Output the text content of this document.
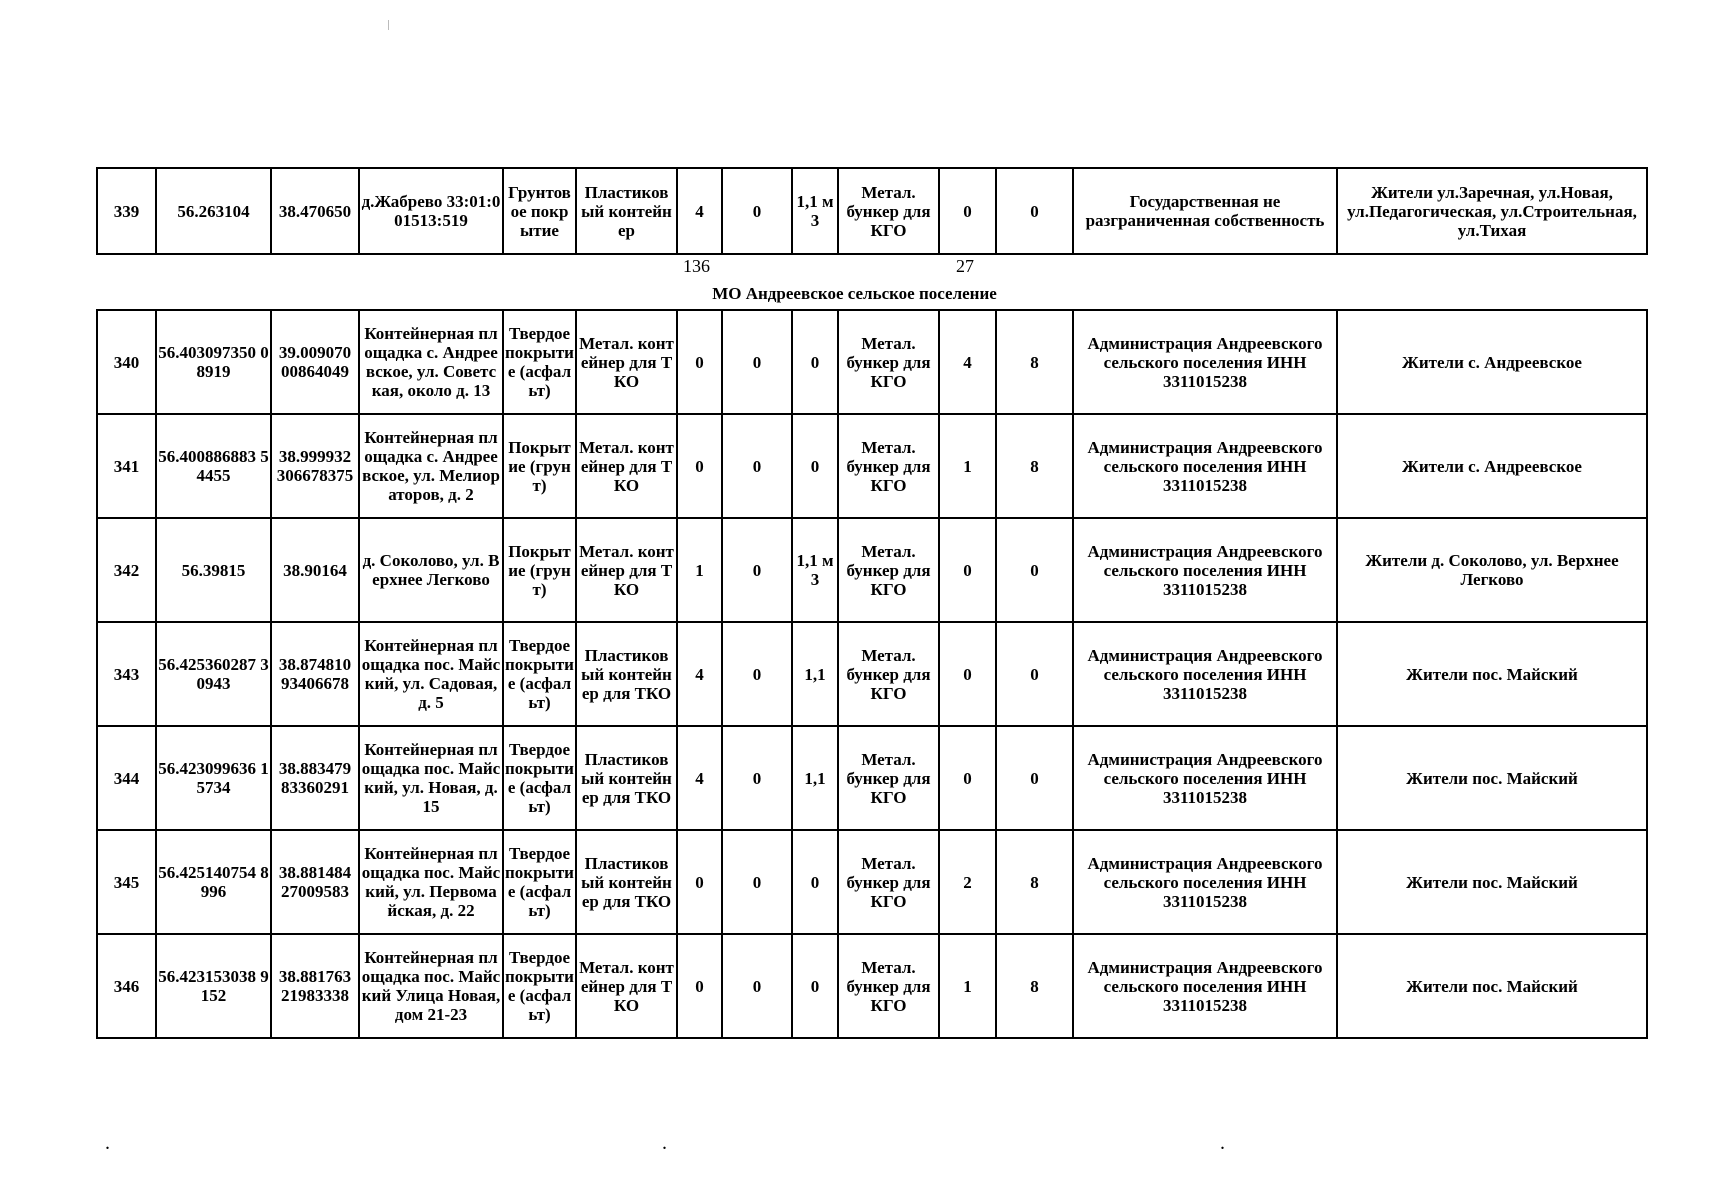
339	56.263104	38.470650	д.Жабрево 33:01:001513:519	Грунтовое покрытие	Пластиковый контейнер	4	0	1,1 м3	Метал. бункер для КГО	0	0	Государственная не разграниченная собственность	Жители ул.Заречная, ул.Новая, ул.Педагогическая, ул.Строительная, ул.Тихая
136	27
МО Андреевское сельское поселение
340	56.403097350 08919	39.009070 00864049	Контейнерная площадка с. Андреевское, ул. Советская, около д. 13	Твердое покрытие (асфальт)	Метал. контейнер для ТКО	0	0	0	Метал. бункер для КГО	4	8	Администрация Андреевского сельского поселения ИНН 3311015238	Жители с. Андреевское
341	56.400886883 54455	38.999932 306678375	Контейнерная площадка с. Андреевское, ул. Мелиораторов, д. 2	Покрытие (грунт)	Метал. контейнер для ТКО	0	0	0	Метал. бункер для КГО	1	8	Администрация Андреевского сельского поселения ИНН 3311015238	Жители с. Андреевское
342	56.39815	38.90164	д. Соколово, ул. Верхнее Легково	Покрытие (грунт)	Метал. контейнер для ТКО	1	0	1,1 м3	Метал. бункер для КГО	0	0	Администрация Андреевского сельского поселения ИНН 3311015238	Жители д. Соколово, ул. Верхнее Легково
343	56.425360287 30943	38.874810 93406678	Контейнерная площадка пос. Майский, ул. Садовая, д. 5	Твердое покрытие (асфальт)	Пластиковый контейнер для ТКО	4	0	1,1	Метал. бункер для КГО	0	0	Администрация Андреевского сельского поселения ИНН 3311015238	Жители пос. Майский
344	56.423099636 15734	38.883479 83360291	Контейнерная площадка пос. Майский, ул. Новая, д. 15	Твердое покрытие (асфальт)	Пластиковый контейнер для ТКО	4	0	1,1	Метал. бункер для КГО	0	0	Администрация Андреевского сельского поселения ИНН 3311015238	Жители пос. Майский
345	56.425140754 8996	38.881484 27009583	Контейнерная площадка пос. Майский, ул. Первомайская, д. 22	Твердое покрытие (асфальт)	Пластиковый контейнер для ТКО	0	0	0	Метал. бункер для КГО	2	8	Администрация Андреевского сельского поселения ИНН 3311015238	Жители пос. Майский
346	56.423153038 9152	38.881763 21983338	Контейнерная площадка пос. Майский Улица Новая, дом 21-23	Твердое покрытие (асфальт)	Метал. контейнер для ТКО	0	0	0	Метал. бункер для КГО	1	8	Администрация Андреевского сельского поселения ИНН 3311015238	Жители пос. Майский
.	.	.
